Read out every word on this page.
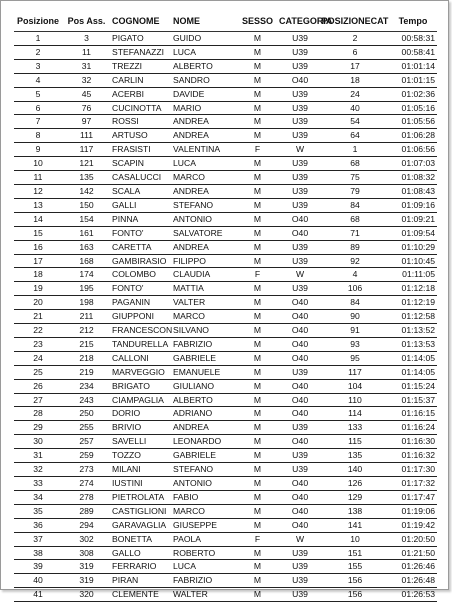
Posizione	Pos Ass.	COGNOME	NOME	SESSO	CATEGORIA	POSIZIONECAT	Tempo
1	3	PIGATO	GUIDO	M	U39	2	00:58:31
2	11	STEFANAZZI	LUCA	M	U39	6	00:58:41
3	31	TREZZI	ALBERTO	M	U39	17	01:01:14
4	32	CARLIN	SANDRO	M	O40	18	01:01:15
5	45	ACERBI	DAVIDE	M	U39	24	01:02:36
6	76	CUCINOTTA	MARIO	M	U39	40	01:05:16
7	97	ROSSI	ANDREA	M	U39	54	01:05:56
8	111	ARTUSO	ANDREA	M	U39	64	01:06:28
9	117	FRASISTI	VALENTINA	F	W	1	01:06:56
10	121	SCAPIN	LUCA	M	U39	68	01:07:03
11	135	CASALUCCI	MARCO	M	U39	75	01:08:32
12	142	SCALA	ANDREA	M	U39	79	01:08:43
13	150	GALLI	STEFANO	M	U39	84	01:09:16
14	154	PINNA	ANTONIO	M	O40	68	01:09:21
15	161	FONTO'	SALVATORE	M	O40	71	01:09:54
16	163	CARETTA	ANDREA	M	U39	89	01:10:29
17	168	GAMBIRASIO	FILIPPO	M	U39	92	01:10:45
18	174	COLOMBO	CLAUDIA	F	W	4	01:11:05
19	195	FONTO'	MATTIA	M	U39	106	01:12:18
20	198	PAGANIN	VALTER	M	O40	84	01:12:19
21	211	GIUPPONI	MARCO	M	O40	90	01:12:58
22	212	FRANCESCON	SILVANO	M	O40	91	01:13:52
23	215	TANDURELLA	FABRIZIO	M	O40	93	01:13:53
24	218	CALLONI	GABRIELE	M	O40	95	01:14:05
25	219	MARVEGGIO	EMANUELE	M	U39	117	01:14:05
26	234	BRIGATO	GIULIANO	M	O40	104	01:15:24
27	243	CIAMPAGLIA	ALBERTO	M	O40	110	01:15:37
28	250	DORIO	ADRIANO	M	O40	114	01:16:15
29	255	BRIVIO	ANDREA	M	U39	133	01:16:24
30	257	SAVELLI	LEONARDO	M	O40	115	01:16:30
31	259	TOZZO	GABRIELE	M	U39	135	01:16:32
32	273	MILANI	STEFANO	M	U39	140	01:17:30
33	274	IUSTINI	ANTONIO	M	O40	126	01:17:32
34	278	PIETROLATA	FABIO	M	O40	129	01:17:47
35	289	CASTIGLIONI	MARCO	M	O40	138	01:19:06
36	294	GARAVAGLIA	GIUSEPPE	M	O40	141	01:19:42
37	302	BONETTA	PAOLA	F	W	10	01:20:50
38	308	GALLO	ROBERTO	M	U39	151	01:21:50
39	319	FERRARIO	LUCA	M	U39	155	01:26:46
40	319	PIRAN	FABRIZIO	M	U39	156	01:26:48
41	320	CLEMENTE	WALTER	M	U39	156	01:26:53
